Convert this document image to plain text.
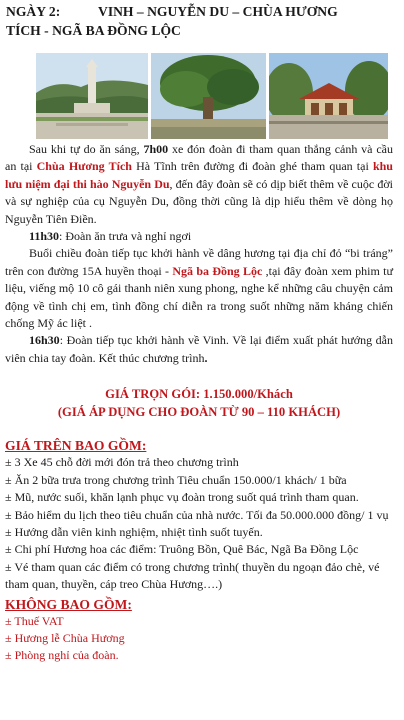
NGÀY 2:	VINH – NGUYỄN DU – CHÙA HƯƠNG
TÍCH - NGÃ BA ĐỒNG LỘC

Sau khi tự do ăn sáng, 7h00 xe đón đoàn đi tham quan thắng cảnh và cầu an tại Chùa Hương Tích Hà Tĩnh trên đường đi đoàn ghé tham quan tại khu lưu niệm đại thi hào Nguyễn Du, đến đây đoàn sẽ có dịp biết thêm về cuộc đời và sự nghiệp của cụ Nguyễn Du, đồng thời cũng là dịp hiểu thêm về dòng họ Nguyễn Tiên Điền.

11h30: Đoàn ăn trưa và nghỉ ngơi

Buổi chiều đoàn tiếp tục khởi hành về dâng hương tại địa chỉ đỏ “bi tráng” trên con đường 15A huyền thoại - Ngã ba Đồng Lộc ,tại đây đoàn xem phim tư liệu, viếng mộ 10 cô gái thanh niên xung phong, nghe kể những câu chuyện cảm động về tình chị em, tình đồng chí diễn ra trong suốt những năm kháng chiến chống Mỹ ác liệt .

16h30: Đoàn tiếp tục khởi hành về Vinh. Về lại điểm xuất phát hướng dẫn viên chia tay đoàn. Kết thúc chương trình.

GIÁ TRỌN GÓI: 1.150.000/Khách
(GIÁ ÁP DỤNG CHO ĐOÀN TỪ 90 – 110 KHÁCH)
GIÁ TRÊN BAO GỒM:
± 3 Xe 45 chỗ đời mới đón trả theo chương trình
± Ăn 2 bữa trưa trong chương trình Tiêu chuẩn 150.000/1 khách/ 1 bữa
± Mũ, nước suối, khăn lạnh phục vụ đoàn trong suốt quá trình tham quan.
± Bảo hiểm du lịch theo tiêu chuẩn của nhà nước. Tối đa 50.000.000 đồng/ 1 vụ
± Hướng dẫn viên kinh nghiệm, nhiệt tình suốt tuyến.
± Chi phí Hương hoa các điểm: Truông Bồn, Quê Bác, Ngã Ba Đồng Lộc
± Vé tham quan các điểm có trong chương trình( thuyền du ngoạn đảo chè, vé tham quan, thuyền, cáp treo Chùa Hương….)
KHÔNG BAO GỒM:
± Thuế VAT
± Hương lễ Chùa Hương
± Phòng nghỉ của đoàn.
